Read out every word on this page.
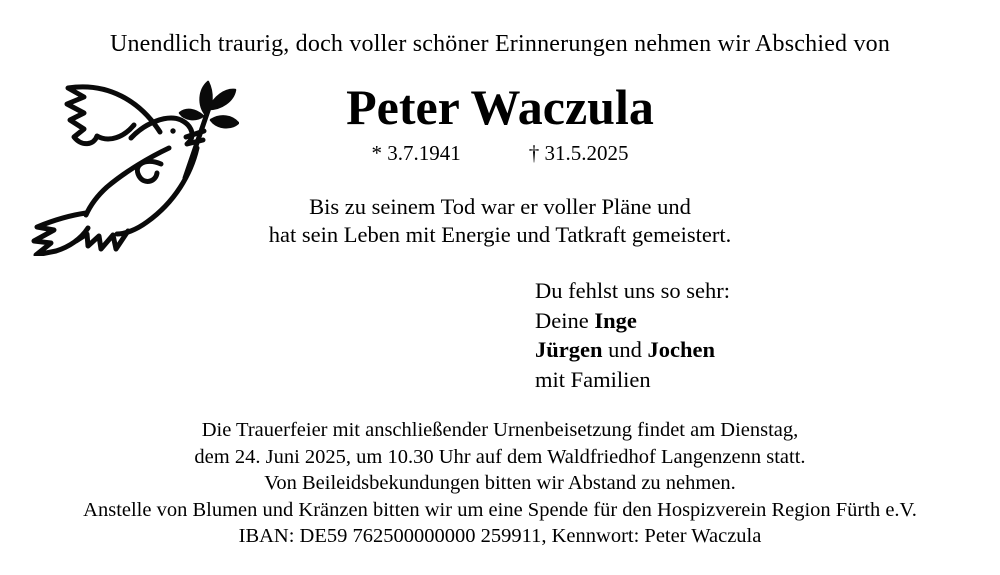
Unendlich traurig, doch voller schöner Erinnerungen nehmen wir Abschied von
Peter Waczula
* 3.7.1941	† 31.5.2025
Bis zu seinem Tod war er voller Pläne und
hat sein Leben mit Energie und Tatkraft gemeistert.
Du fehlst uns so sehr:
Deine Inge
Jürgen und Jochen
mit Familien
Die Trauerfeier mit anschließender Urnenbeisetzung findet am Dienstag,
dem 24. Juni 2025, um 10.30 Uhr auf dem Waldfriedhof Langenzenn statt.
Von Beileidsbekundungen bitten wir Abstand zu nehmen.
Anstelle von Blumen und Kränzen bitten wir um eine Spende für den Hospizverein Region Fürth e.V.
IBAN: DE59 762500000000 259911, Kennwort: Peter Waczula
